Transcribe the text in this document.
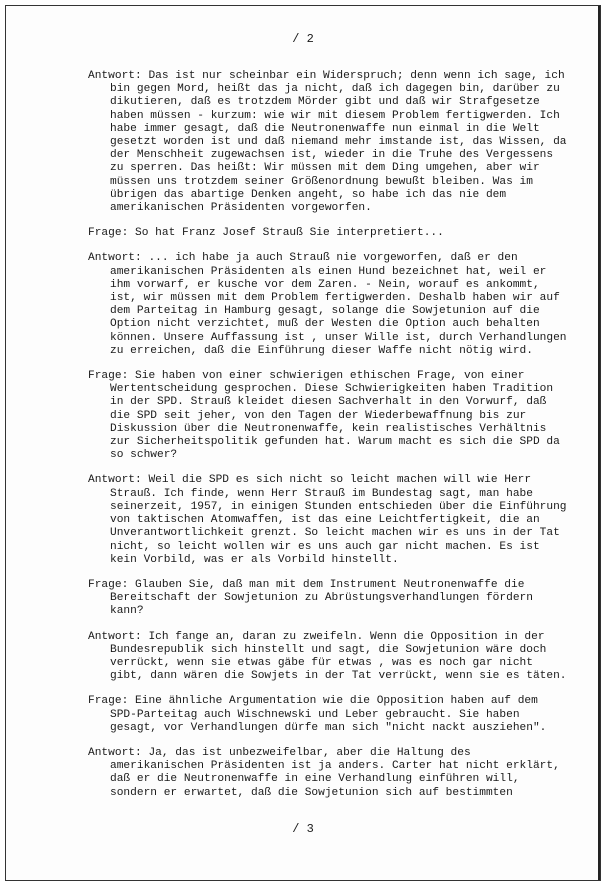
/ 2

Antwort: Das ist nur scheinbar ein Widerspruch; denn wenn ich sage, ich bin gegen Mord, heißt das ja nicht, daß ich dagegen bin, darüber zu dikutieren, daß es trotzdem Mörder gibt und daß wir Strafgesetze haben müssen - kurzum: wie wir mit diesem Problem fertigwerden. Ich habe immer gesagt, daß die Neutronenwaffe nun einmal in die Welt gesetzt worden ist und daß niemand mehr imstande ist, das Wissen, da der Menschheit zugewachsen ist, wieder in die Truhe des Vergessens zu sperren. Das heißt: Wir müssen mit dem Ding umgehen, aber wir müssen uns trotzdem seiner Größenordnung bewußt bleiben. Was im übrigen das abartige Denken angeht, so habe ich das nie dem amerikanischen Präsidenten vorgeworfen.

Frage: So hat Franz Josef Strauß Sie interpretiert...

Antwort: ... ich habe ja auch Strauß nie vorgeworfen, daß er den amerikanischen Präsidenten als einen Hund bezeichnet hat, weil er ihm vorwarf, er kusche vor dem Zaren. - Nein, worauf es ankommt, ist, wir müssen mit dem Problem fertigwerden. Deshalb haben wir auf dem Parteitag in Hamburg gesagt, solange die Sowjetunion auf die Option nicht verzichtet, muß der Westen die Option auch behalten können. Unsere Auffassung ist , unser Wille ist, durch Verhandlungen zu erreichen, daß die Einführung dieser Waffe nicht nötig wird.

Frage: Sie haben von einer schwierigen ethischen Frage, von einer Wertentscheidung gesprochen. Diese Schwierigkeiten haben Tradition in der SPD. Strauß kleidet diesen Sachverhalt in den Vorwurf, daß die SPD seit jeher, von den Tagen der Wiederbewaffnung bis zur Diskussion über die Neutronenwaffe, kein realistisches Verhältnis zur Sicherheitspolitik gefunden hat. Warum macht es sich die SPD da so schwer?

Antwort: Weil die SPD es sich nicht so leicht machen will wie Herr Strauß. Ich finde, wenn Herr Strauß im Bundestag sagt, man habe seinerzeit, 1957, in einigen Stunden entschieden über die Einführung von taktischen Atomwaffen, ist das eine Leichtfertigkeit, die an Unverantwortlichkeit grenzt. So leicht machen wir es uns in der Tat nicht, so leicht wollen wir es uns auch gar nicht machen. Es ist kein Vorbild, was er als Vorbild hinstellt.

Frage: Glauben Sie, daß man mit dem Instrument Neutronenwaffe die Bereitschaft der Sowjetunion zu Abrüstungsverhandlungen fördern kann?

Antwort: Ich fange an, daran zu zweifeln. Wenn die Opposition in der Bundesrepublik sich hinstellt und sagt, die Sowjetunion wäre doch verrückt, wenn sie etwas gäbe für etwas , was es noch gar nicht gibt, dann wären die Sowjets in der Tat verrückt, wenn sie es täten.

Frage: Eine ähnliche Argumentation wie die Opposition haben auf dem SPD-Parteitag auch Wischnewski und Leber gebraucht. Sie haben gesagt, vor Verhandlungen dürfe man sich "nicht nackt ausziehen".

Antwort: Ja, das ist unbezweifelbar, aber die Haltung des amerikanischen Präsidenten ist ja anders. Carter hat nicht erklärt, daß er die Neutronenwaffe in eine Verhandlung einführen will, sondern er erwartet, daß die Sowjetunion sich auf bestimmten

/ 3
